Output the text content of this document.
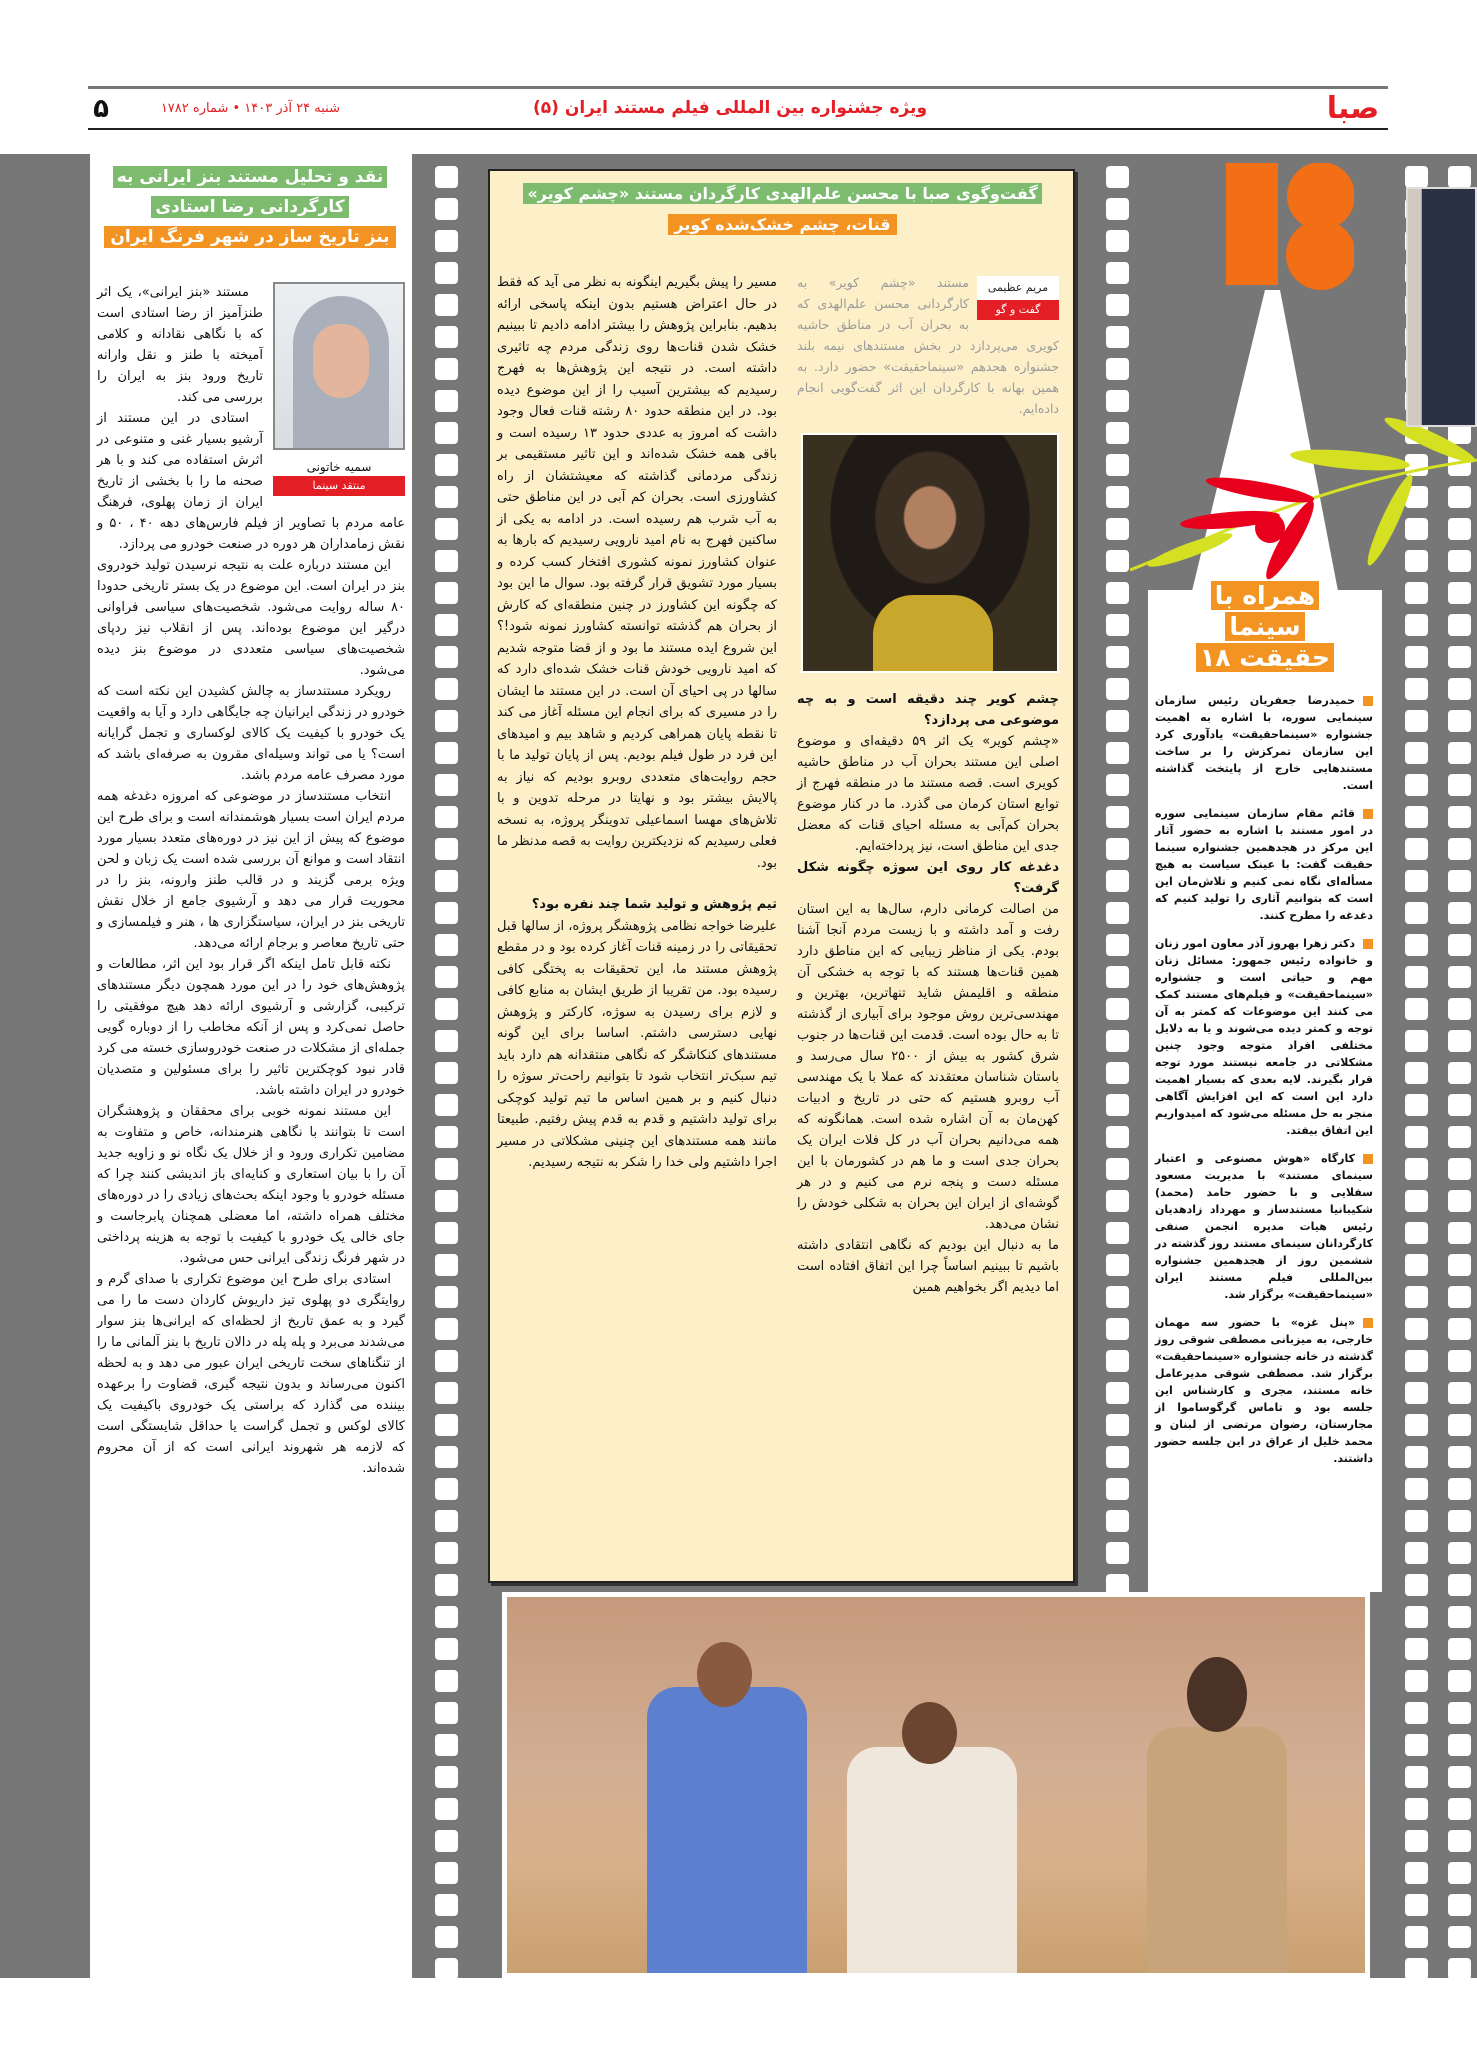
صبا
ویژه جشنواره بین المللی فیلم مستند ایران (۵)
شنبه ۲۴ آذر ۱۴۰۳ • شماره ۱۷۸۲
۵
نقد و تحلیل مستند بنز ایرانی به کارگردانی رضا استادی
بنز تاریخ ساز در شهر فرنگ ایران
سمیه خاتونی
منتقد سینما

مستند «بنز ایرانی»، یک اثر طنزآمیز از رضا استادی است که با نگاهی نقادانه و کلامی آمیخته با طنز و نقل وارانه تاریخ ورود بنز به ایران را بررسی می کند.

استادی در این مستند از آرشیو بسیار غنی و متنوعی در اثرش استفاده می کند و با هر صحنه ما را با بخشی از تاریخ ایران از زمان پهلوی، فرهنگ عامه مردم با تصاویر از فیلم فارس‌های دهه ۴۰ ، ۵۰ و نقش زمامداران هر دوره در صنعت خودرو می پردازد.

این مستند درباره علت به نتیجه نرسیدن تولید خودروی بنز در ایران است. این موضوع در یک بستر تاریخی حدودا ۸۰ ساله روایت می‌شود. شخصیت‌های سیاسی فراوانی درگیر این موضوع بوده‌اند. پس از انقلاب نیز ردپای شخصیت‌های سیاسی متعددی در موضوع بنز دیده می‌شود.

رویکرد مستندساز به چالش کشیدن این نکته است که خودرو در زندگی ایرانیان چه جایگاهی دارد و آیا به واقعیت یک خودرو با کیفیت یک کالای لوکساری و تجمل گرایانه است؟ یا می تواند وسیله‌ای مقرون به صرفه‌ای باشد که مورد مصرف عامه مردم باشد.

انتخاب مستندساز در موضوعی که امروزه دغدغه همه مردم ایران است بسیار هوشمندانه است و برای طرح این موضوع که پیش از این نیز در دوره‌های متعدد بسیار مورد انتقاد است و موانع آن بررسی شده است یک زبان و لحن ویژه برمی گزیند و در قالب طنز وارونه، بنز را در محوریت قرار می دهد و آرشیوی جامع از خلال نقش تاریخی بنز در ایران، سیاستگزاری ها ، هنر و فیلمسازی و حتی تاریخ معاصر و برجام ارائه می‌دهد.

نکته قابل تامل اینکه اگر قرار بود این اثر، مطالعات و پژوهش‌های خود را در این مورد همچون دیگر مستندهای ترکیبی، گزارشی و آرشیوی ارائه دهد هیچ موفقیتی را حاصل نمی‌کرد و پس از آنکه مخاطب را از دوباره گویی جمله‌ای از مشکلات در صنعت خودروسازی خسته می کرد قادر نبود کوچکترین تاثیر را برای مسئولین و متصدیان خودرو در ایران داشته باشد.

این مستند نمونه خوبی برای محققان و پژوهشگران است تا بتوانند با نگاهی هنرمندانه، خاص و متفاوت به مضامین تکراری ورود و از خلال یک نگاه نو و زاویه جدید آن را با بیان استعاری و کنایه‌ای باز اندیشی کنند چرا که مسئله خودرو با وجود اینکه بحث‌های زیادی را در دوره‌های مختلف همراه داشته، اما معضلی همچنان پابرجاست و جای خالی یک خودرو با کیفیت با توجه به هزینه پرداختی در شهر فرنگ زندگی ایرانی حس می‌شود.

استادی برای طرح این موضوع تکراری با صدای گرم و روایتگری دو پهلوی تیز داریوش کاردان دست ما را می گیرد و به عمق تاریخ از لحظه‌ای که ایرانی‌ها بنز سوار می‌شدند می‌برد و پله پله در دالان تاریخ با بنز آلمانی ما را از تنگناهای سخت تاریخی ایران عبور می دهد و به لحظه اکنون می‌رساند و بدون نتیجه گیری، قضاوت را برعهده بیننده می گذارد که براستی یک خودروی باکیفیت یک کالای لوکس و تجمل گراست یا حداقل شایستگی است که لازمه هر شهروند ایرانی است که از آن محروم شده‌اند.

گفت‌وگوی صبا با محسن علم‌الهدی کارگردان مستند «چشم کویر»
قنات، چشم خشک‌شده کویر
مریم عظیمی
گفت و گو
مستند «چشم کویر» به کارگردانی محسن علم‌الهدی که به بحران آب در مناطق حاشیه کویری می‌پردازد در بخش مستندهای نیمه بلند جشنواره هجدهم «سینماحقیقت» حضور دارد. به همین بهانه با کارگردان این اثر گفت‌گویی انجام داده‌ایم.

چشم کویر چند دقیقه است و به چه موضوعی می پردازد؟

«چشم کویر» یک اثر ۵۹ دقیقه‌ای و موضوع اصلی این مستند بحران آب در مناطق حاشیه کویری است. قصه مستند ما در منطقه فهرج از توابع استان کرمان می گذرد. ما در کنار موضوع بحران کم‌آبی به مسئله احیای قنات که معضل جدی این مناطق است، نیز پرداخته‌ایم.

دغدغه کار روی این سوژه چگونه شکل گرفت؟

من اصالت کرمانی دارم، سال‌ها به این استان رفت و آمد داشته و با زیست مردم آنجا آشنا بودم. یکی از مناظر زیبایی که این مناطق دارد همین قنات‌ها هستند که با توجه به خشکی آن منطقه و اقلیمش شاید تنهاترین، بهترین و مهندسی‌ترین روش موجود برای آبیاری از گذشته تا به حال بوده است. قدمت این قنات‌ها در جنوب شرق کشور به بیش از ۲۵۰۰ سال می‌رسد و باستان شناسان معتقدند که عملا با یک مهندسی آب روبرو هستیم که حتی در تاریخ و ادبیات کهن‌مان به آن اشاره شده است. همانگونه که همه می‌دانیم بحران آب در کل فلات ایران یک بحران جدی است و ما هم در کشورمان با این مسئله دست و پنجه نرم می کنیم و در هر گوشه‌ای از ایران این بحران به شکلی خودش را نشان می‌دهد.

ما به دنبال این بودیم که نگاهی انتقادی داشته باشیم تا ببینیم اساساً چرا این اتفاق افتاده است اما دیدیم اگر بخواهیم همین

مسیر را پیش بگیریم اینگونه به نظر می آید که فقط در حال اعتراض هستیم بدون اینکه پاسخی ارائه بدهیم. بنابراین پژوهش را بیشتر ادامه دادیم تا ببینیم خشک شدن قنات‌ها روی زندگی مردم چه تاثیری داشته است. در نتیجه این پژوهش‌ها به فهرج رسیدیم که بیشترین آسیب را از این موضوع دیده بود. در این منطقه حدود ۸۰ رشته قنات فعال وجود داشت که امروز به عددی حدود ۱۳ رسیده است و باقی همه خشک شده‌اند و این تاثیر مستقیمی بر زندگی مردمانی گذاشته که معیشتشان از راه کشاورزی است. بحران کم آبی در این مناطق حتی به آب شرب هم رسیده است. در ادامه به یکی از ساکنین فهرج به نام امید نارویی رسیدیم که بارها به عنوان کشاورز نمونه کشوری افتخار کسب کرده و بسیار مورد تشویق قرار گرفته بود. سوال ما این بود که چگونه این کشاورز در چنین منطقه‌ای که کارش از بحران هم گذشته توانسته کشاورز نمونه شود!؟ این شروع ایده مستند ما بود و از قضا متوجه شدیم که امید نارویی خودش قنات خشک شده‌ای دارد که سالها در پی احیای آن است. در این مستند ما ایشان را در مسیری که برای انجام این مسئله آغاز می کند تا نقطه پایان همراهی کردیم و شاهد بیم و امیدهای این فرد در طول فیلم بودیم. پس از پایان تولید ما با حجم روایت‌های متعددی روبرو بودیم که نیاز به پالایش بیشتر بود و نهایتا در مرحله تدوین و با تلاش‌های مهسا اسماعیلی تدوینگر پروژه، به نسخه فعلی رسیدیم که نزدیکترین روایت به قصه مدنظر ما بود.

تیم پژوهش و تولید شما چند نفره بود؟

علیرضا خواجه نظامی پژوهشگر پروژه، از سالها قبل تحقیقاتی را در زمینه قنات آغاز کرده بود و در مقطع پژوهش مستند ما، این تحقیقات به پختگی کافی رسیده بود. من تقریبا از طریق ایشان به منابع کافی و لازم برای رسیدن به سوژه، کارکتر و پژوهش نهایی دسترسی داشتم. اساسا برای این گونه مستندهای کنکاشگر که نگاهی منتقدانه هم دارد باید تیم سبک‌تر انتخاب شود تا بتوانیم راحت‌تر سوژه را دنبال کنیم و بر همین اساس ما تیم تولید کوچکی برای تولید داشتیم و قدم به قدم پیش رفتیم. طبیعتا مانند همه مستندهای این چنینی مشکلاتی در مسیر اجرا داشتیم ولی خدا را شکر به نتیجه رسیدیم.

همراه با
سینما
حقیقت ۱۸
حمیدرضا جعفریان رئیس سازمان سینمایی سوره، با اشاره به اهمیت جشنواره «سینماحقیقت» یادآوری کرد این سازمان تمرکزش را بر ساخت مستندهایی خارج از پایتخت گذاشته است.
قائم مقام سازمان سینمایی سوره در امور مستند با اشاره به حضور آثار این مرکز در هجدهمین جشنواره سینما حقیقت گفت: با عینک سیاست به هیچ مسأله‌ای نگاه نمی کنیم و تلاش‌مان این است که بتوانیم آثاری را تولید کنیم که دغدغه را مطرح کنند.
دکتر زهرا بهروز آذر معاون امور زنان و خانواده رئیس جمهور: مسائل زنان مهم و حیاتی است و جشنواره «سینماحقیقت» و فیلم‌های مستند کمک می کنند این موضوعات که کمتر به آن توجه و کمتر دیده می‌شوند و یا به دلایل مختلفی افراد متوجه وجود چنین مشکلاتی در جامعه نیستند مورد توجه قرار بگیرند. لایه بعدی که بسیار اهمیت دارد این است که این افزایش آگاهی منجر به حل مسئله می‌شود که امیدواریم این اتفاق بیفتد.
کارگاه «هوش مصنوعی و اعتبار سینمای مستند» با مدیریت مسعود سفلایی و با حضور حامد (محمد) شکیبانیا مستندساز و مهرداد زادهدیان رئیس هیات مدیره انجمن صنفی کارگردانان سینمای مستند روز گذشته در ششمین روز از هجدهمین جشنواره بین‌المللی فیلم مستند ایران «سینماحقیقت» برگزار شد.
«پنل غزه» با حضور سه مهمان خارجی، به میزبانی مصطفی شوقی روز گذشته در خانه جشنواره «سینماحقیقت» برگزار شد. مصطفی شوقی مدیرعامل خانه مستند، مجری و کارشناس این جلسه بود و تاماس گرگوساموا از مجارستان، رضوان مرتضی از لبنان و محمد خلیل از عراق در این جلسه حضور داشتند.
